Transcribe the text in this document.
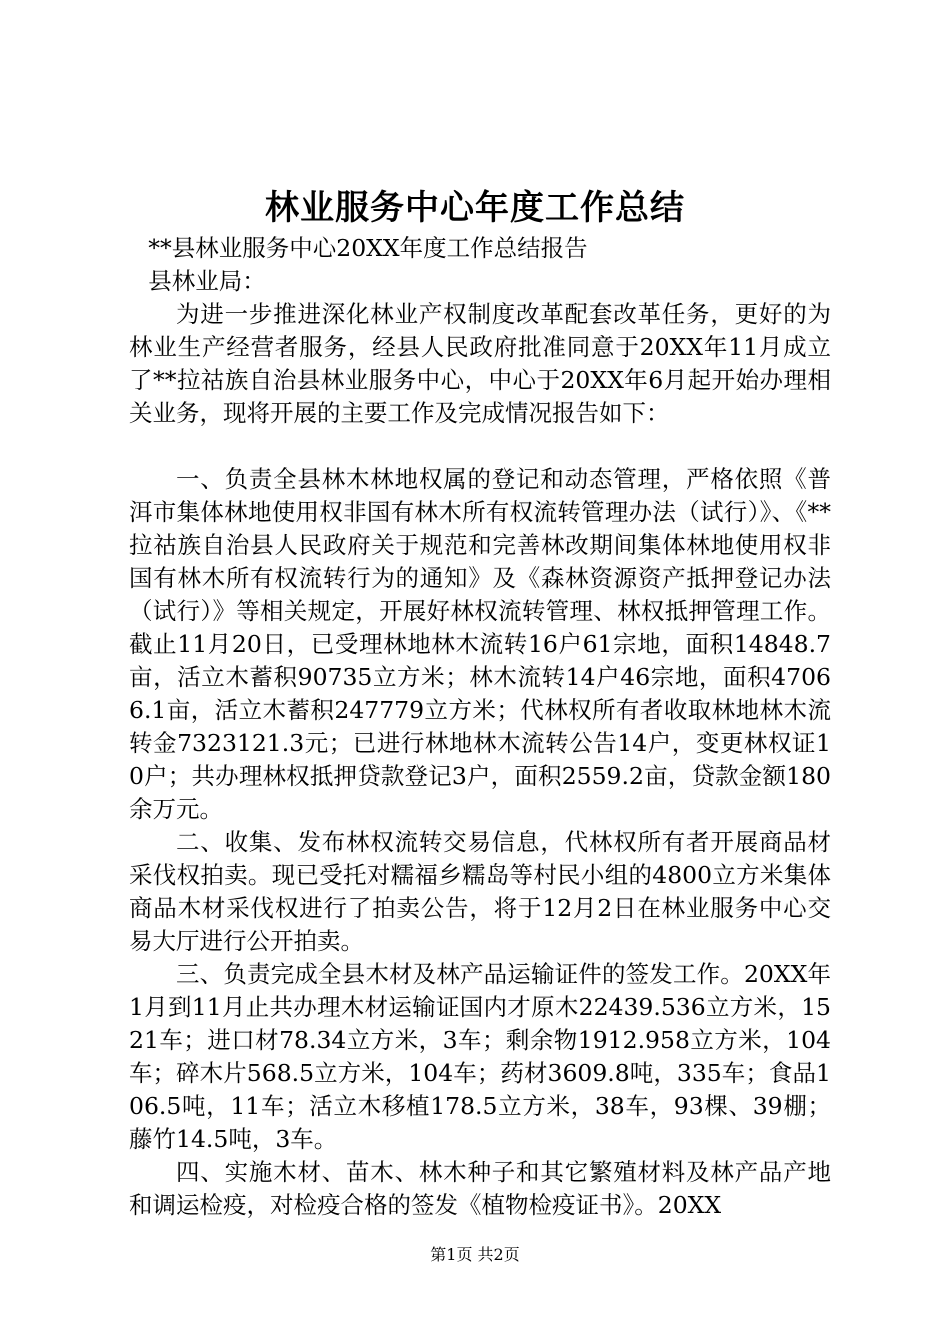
林业服务中心年度工作总结

**县林业服务中心20XX年度工作总结报告

县林业局：

为进一步推进深化林业产权制度改革配套改革任务，更好的为林业生产经营者服务，经县人民政府批准同意于20XX年11月成立了**拉祜族自治县林业服务中心，中心于20XX年6月起开始办理相关业务，现将开展的主要工作及完成情况报告如下：

一、负责全县林木林地权属的登记和动态管理，严格依照《普洱市集体林地使用权非国有林木所有权流转管理办法（试行）》、《**拉祜族自治县人民政府关于规范和完善林改期间集体林地使用权非国有林木所有权流转行为的通知》及《森林资源资产抵押登记办法（试行）》等相关规定，开展好林权流转管理、林权抵押管理工作。截止11月20日，已受理林地林木流转16户61宗地，面积14848.7亩，活立木蓄积90735立方米；林木流转14户46宗地，面积47066.1亩，活立木蓄积247779立方米；代林权所有者收取林地林木流转金7323121.3元；已进行林地林木流转公告14户，变更林权证10户；共办理林权抵押贷款登记3户，面积2559.2亩，贷款金额180余万元。

二、收集、发布林权流转交易信息，代林权所有者开展商品材采伐权拍卖。现已受托对糯福乡糯岛等村民小组的4800立方米集体商品木材采伐权进行了拍卖公告，将于12月2日在林业服务中心交易大厅进行公开拍卖。

三、负责完成全县木材及林产品运输证件的签发工作。20XX年1月到11月止共办理木材运输证国内才原木22439.536立方米，1521车；进口材78.34立方米，3车；剩余物1912.958立方米，104车；碎木片568.5立方米，104车；药材3609.8吨，335车；食品106.5吨，11车；活立木移植178.5立方米，38车，93棵、39棚；藤竹14.5吨，3车。

四、实施木材、苗木、林木种子和其它繁殖材料及林产品产地和调运检疫，对检疫合格的签发《植物检疫证书》。20XX

第1页 共2页
